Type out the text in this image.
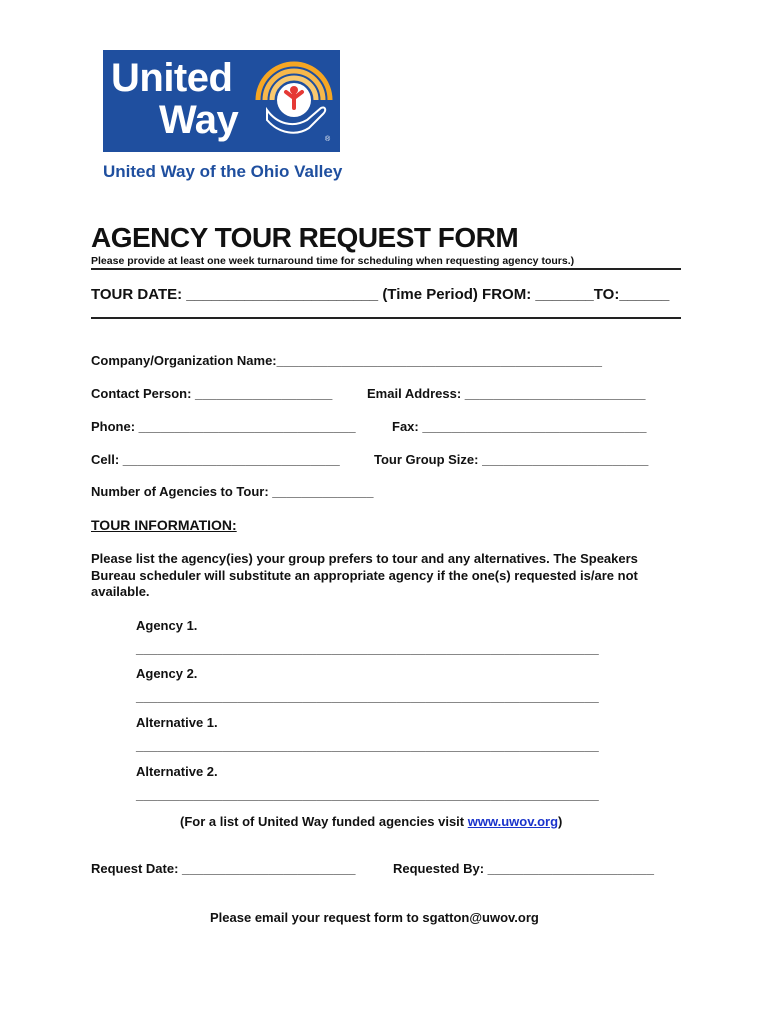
United
Way	®
United Way of the Ohio Valley
AGENCY TOUR REQUEST FORM
Please provide at least one week turnaround time for scheduling when requesting agency tours.)
TOUR DATE: _______________________ (Time Period) FROM: _______TO:______
Company/Organization Name:_____________________________________________
Contact Person: ___________________	Email Address: _________________________
Phone: ______________________________	Fax: _______________________________
Cell: ______________________________	Tour Group Size: _______________________
Number of Agencies to Tour: ______________
TOUR INFORMATION:
Please list the agency(ies) your group prefers to tour and any alternatives. The Speakers
Bureau scheduler will substitute an appropriate agency if the one(s) requested is/are not
available.
Agency 1.
________________________________________________________________
Agency 2.
________________________________________________________________
Alternative 1.
________________________________________________________________
Alternative 2.
________________________________________________________________
(For a list of United Way funded agencies visit www.uwov.org)
Request Date: ________________________	Requested By: _______________________
Please email your request form to sgatton@uwov.org
